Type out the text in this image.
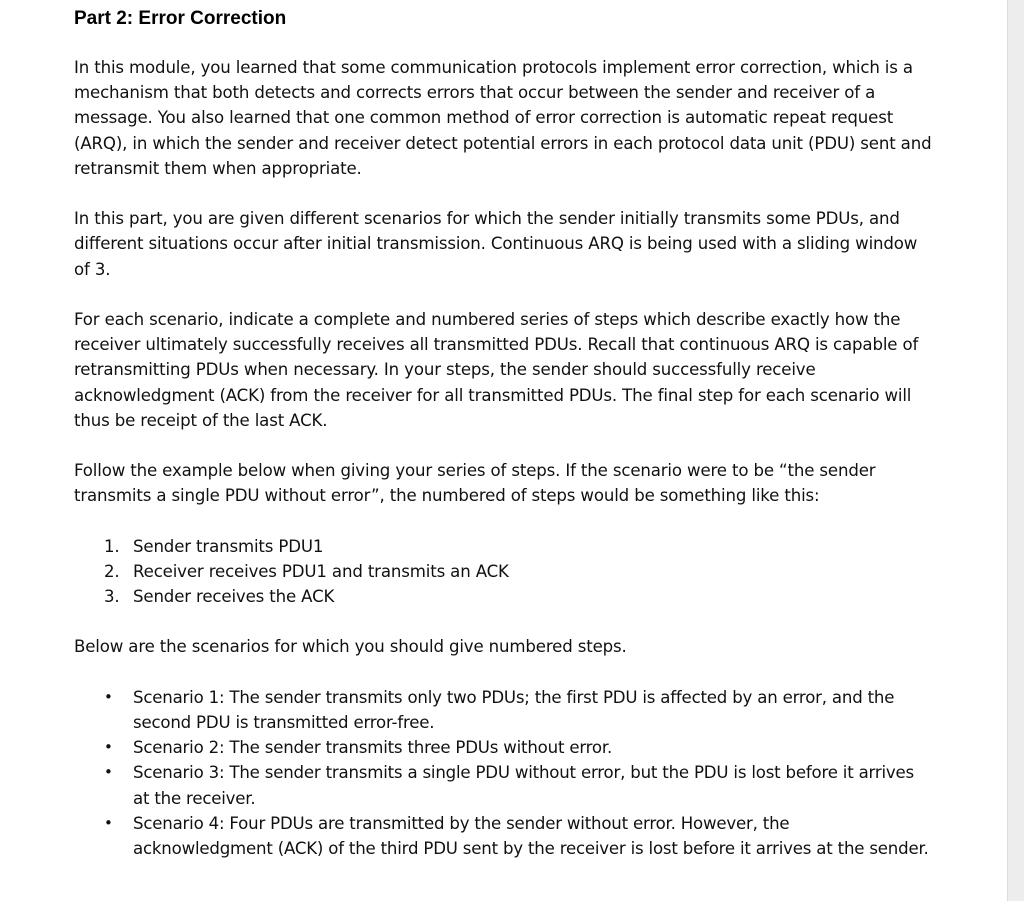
Part 2: Error Correction

In this module, you learned that some communication protocols implement error correction, which is a mechanism that both detects and corrects errors that occur between the sender and receiver of a message. You also learned that one common method of error correction is automatic repeat request (ARQ), in which the sender and receiver detect potential errors in each protocol data unit (PDU) sent and retransmit them when appropriate.

In this part, you are given different scenarios for which the sender initially transmits some PDUs, and different situations occur after initial transmission. Continuous ARQ is being used with a sliding window of 3.

For each scenario, indicate a complete and numbered series of steps which describe exactly how the receiver ultimately successfully receives all transmitted PDUs. Recall that continuous ARQ is capable of retransmitting PDUs when necessary. In your steps, the sender should successfully receive acknowledgment (ACK) from the receiver for all transmitted PDUs. The final step for each scenario will thus be receipt of the last ACK.

Follow the example below when giving your series of steps. If the scenario were to be “the sender transmits a single PDU without error”, the numbered of steps would be something like this:

1. Sender transmits PDU1
2. Receiver receives PDU1 and transmits an ACK
3. Sender receives the ACK

Below are the scenarios for which you should give numbered steps.

• Scenario 1: The sender transmits only two PDUs; the first PDU is affected by an error, and the second PDU is transmitted error-free.
• Scenario 2: The sender transmits three PDUs without error.
• Scenario 3: The sender transmits a single PDU without error, but the PDU is lost before it arrives at the receiver.
• Scenario 4: Four PDUs are transmitted by the sender without error. However, the acknowledgment (ACK) of the third PDU sent by the receiver is lost before it arrives at the sender.
